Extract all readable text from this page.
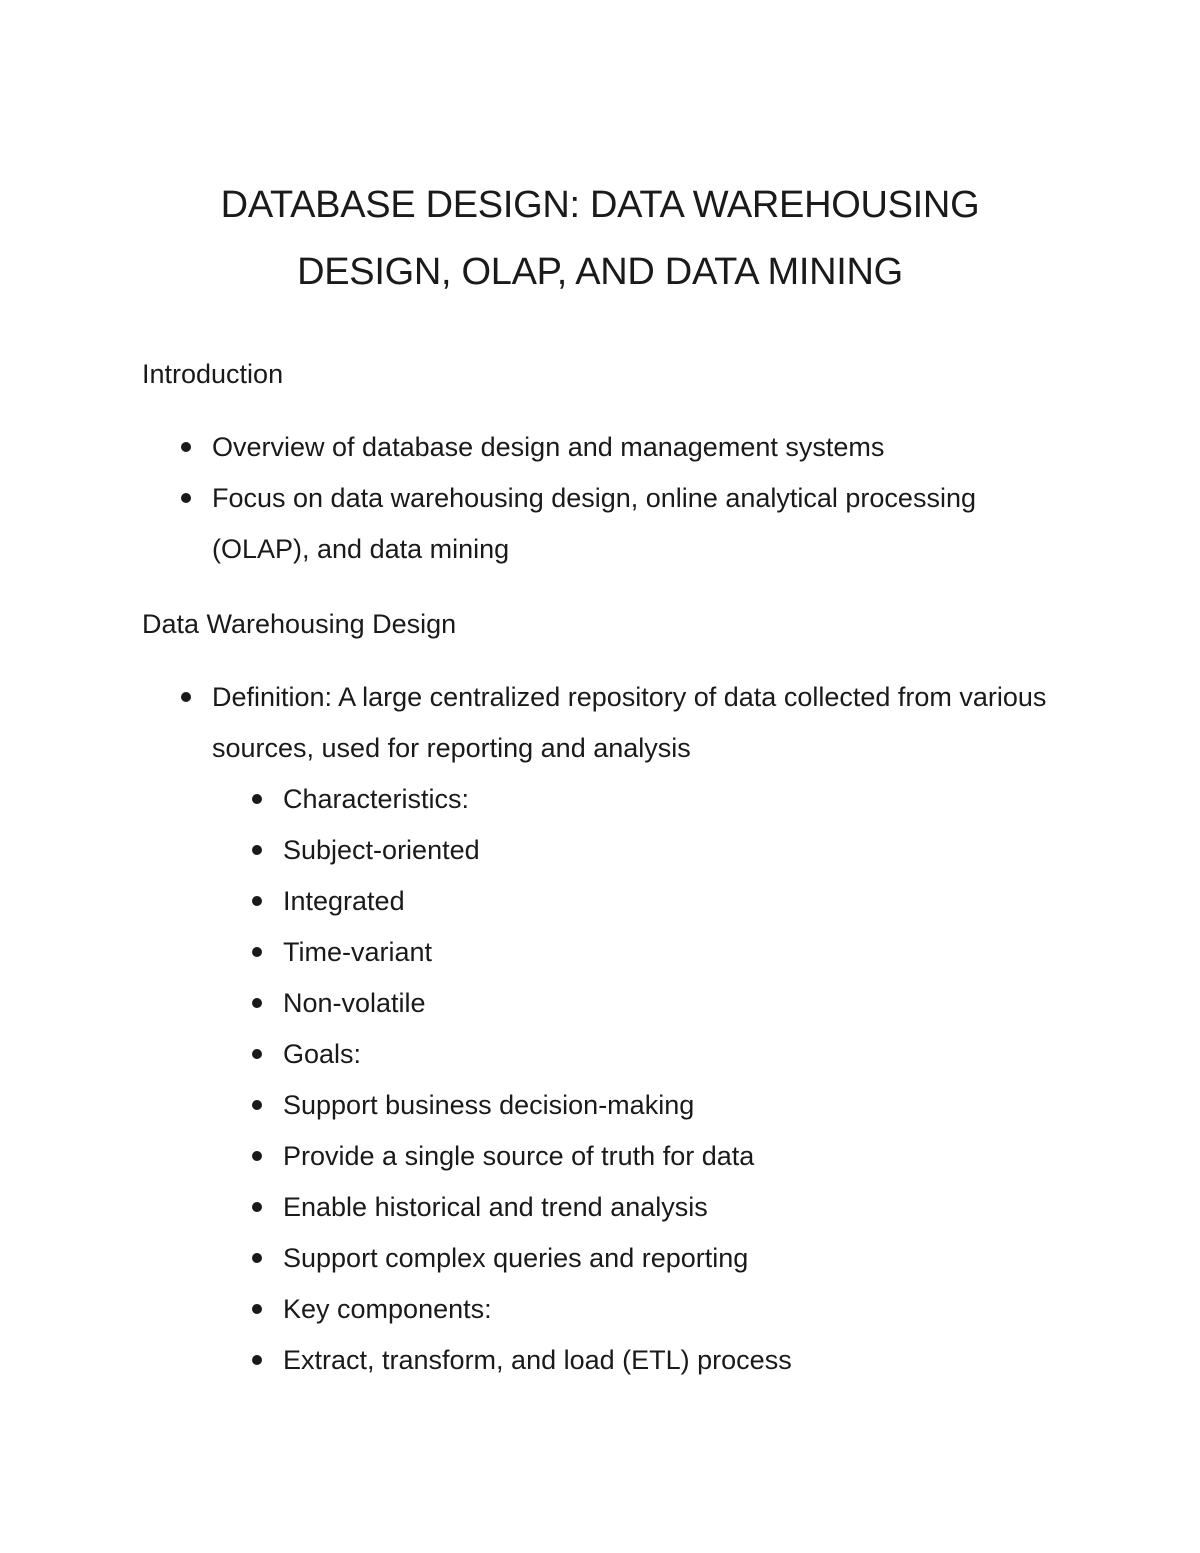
DATABASE DESIGN: DATA WAREHOUSING
DESIGN, OLAP, AND DATA MINING

Introduction

Overview of database design and management systems
Focus on data warehousing design, online analytical processing (OLAP), and data mining

Data Warehousing Design

Definition: A large centralized repository of data collected from various sources, used for reporting and analysis
Characteristics:
Subject-oriented
Integrated
Time-variant
Non-volatile
Goals:
Support business decision-making
Provide a single source of truth for data
Enable historical and trend analysis
Support complex queries and reporting
Key components:
Extract, transform, and load (ETL) process
